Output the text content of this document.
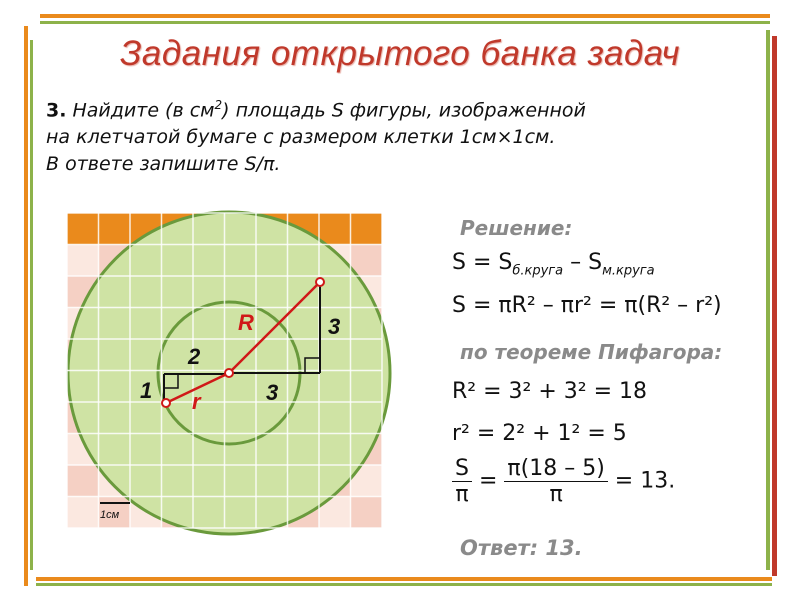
Задания открытого банка задач
3. Найдите (в $см^2$) площадь S фигуры, изображенной
на клетчатой бумаге с размером клетки 1см×1см.
В ответе запишите S/π.
R
r
3
3
2
1
1см
Решение:
$S = S_{б.круга} - S_{м.круга}$
S = πR² – πr² = π(R² – r²)
по теореме Пифагора:
R² = 3² + 3² = 18
r² = 2² + 1² = 5
$\frac{S}{\pi} = \frac{\pi(18 - 5)}{\pi} = 13$.
Ответ: 13.
